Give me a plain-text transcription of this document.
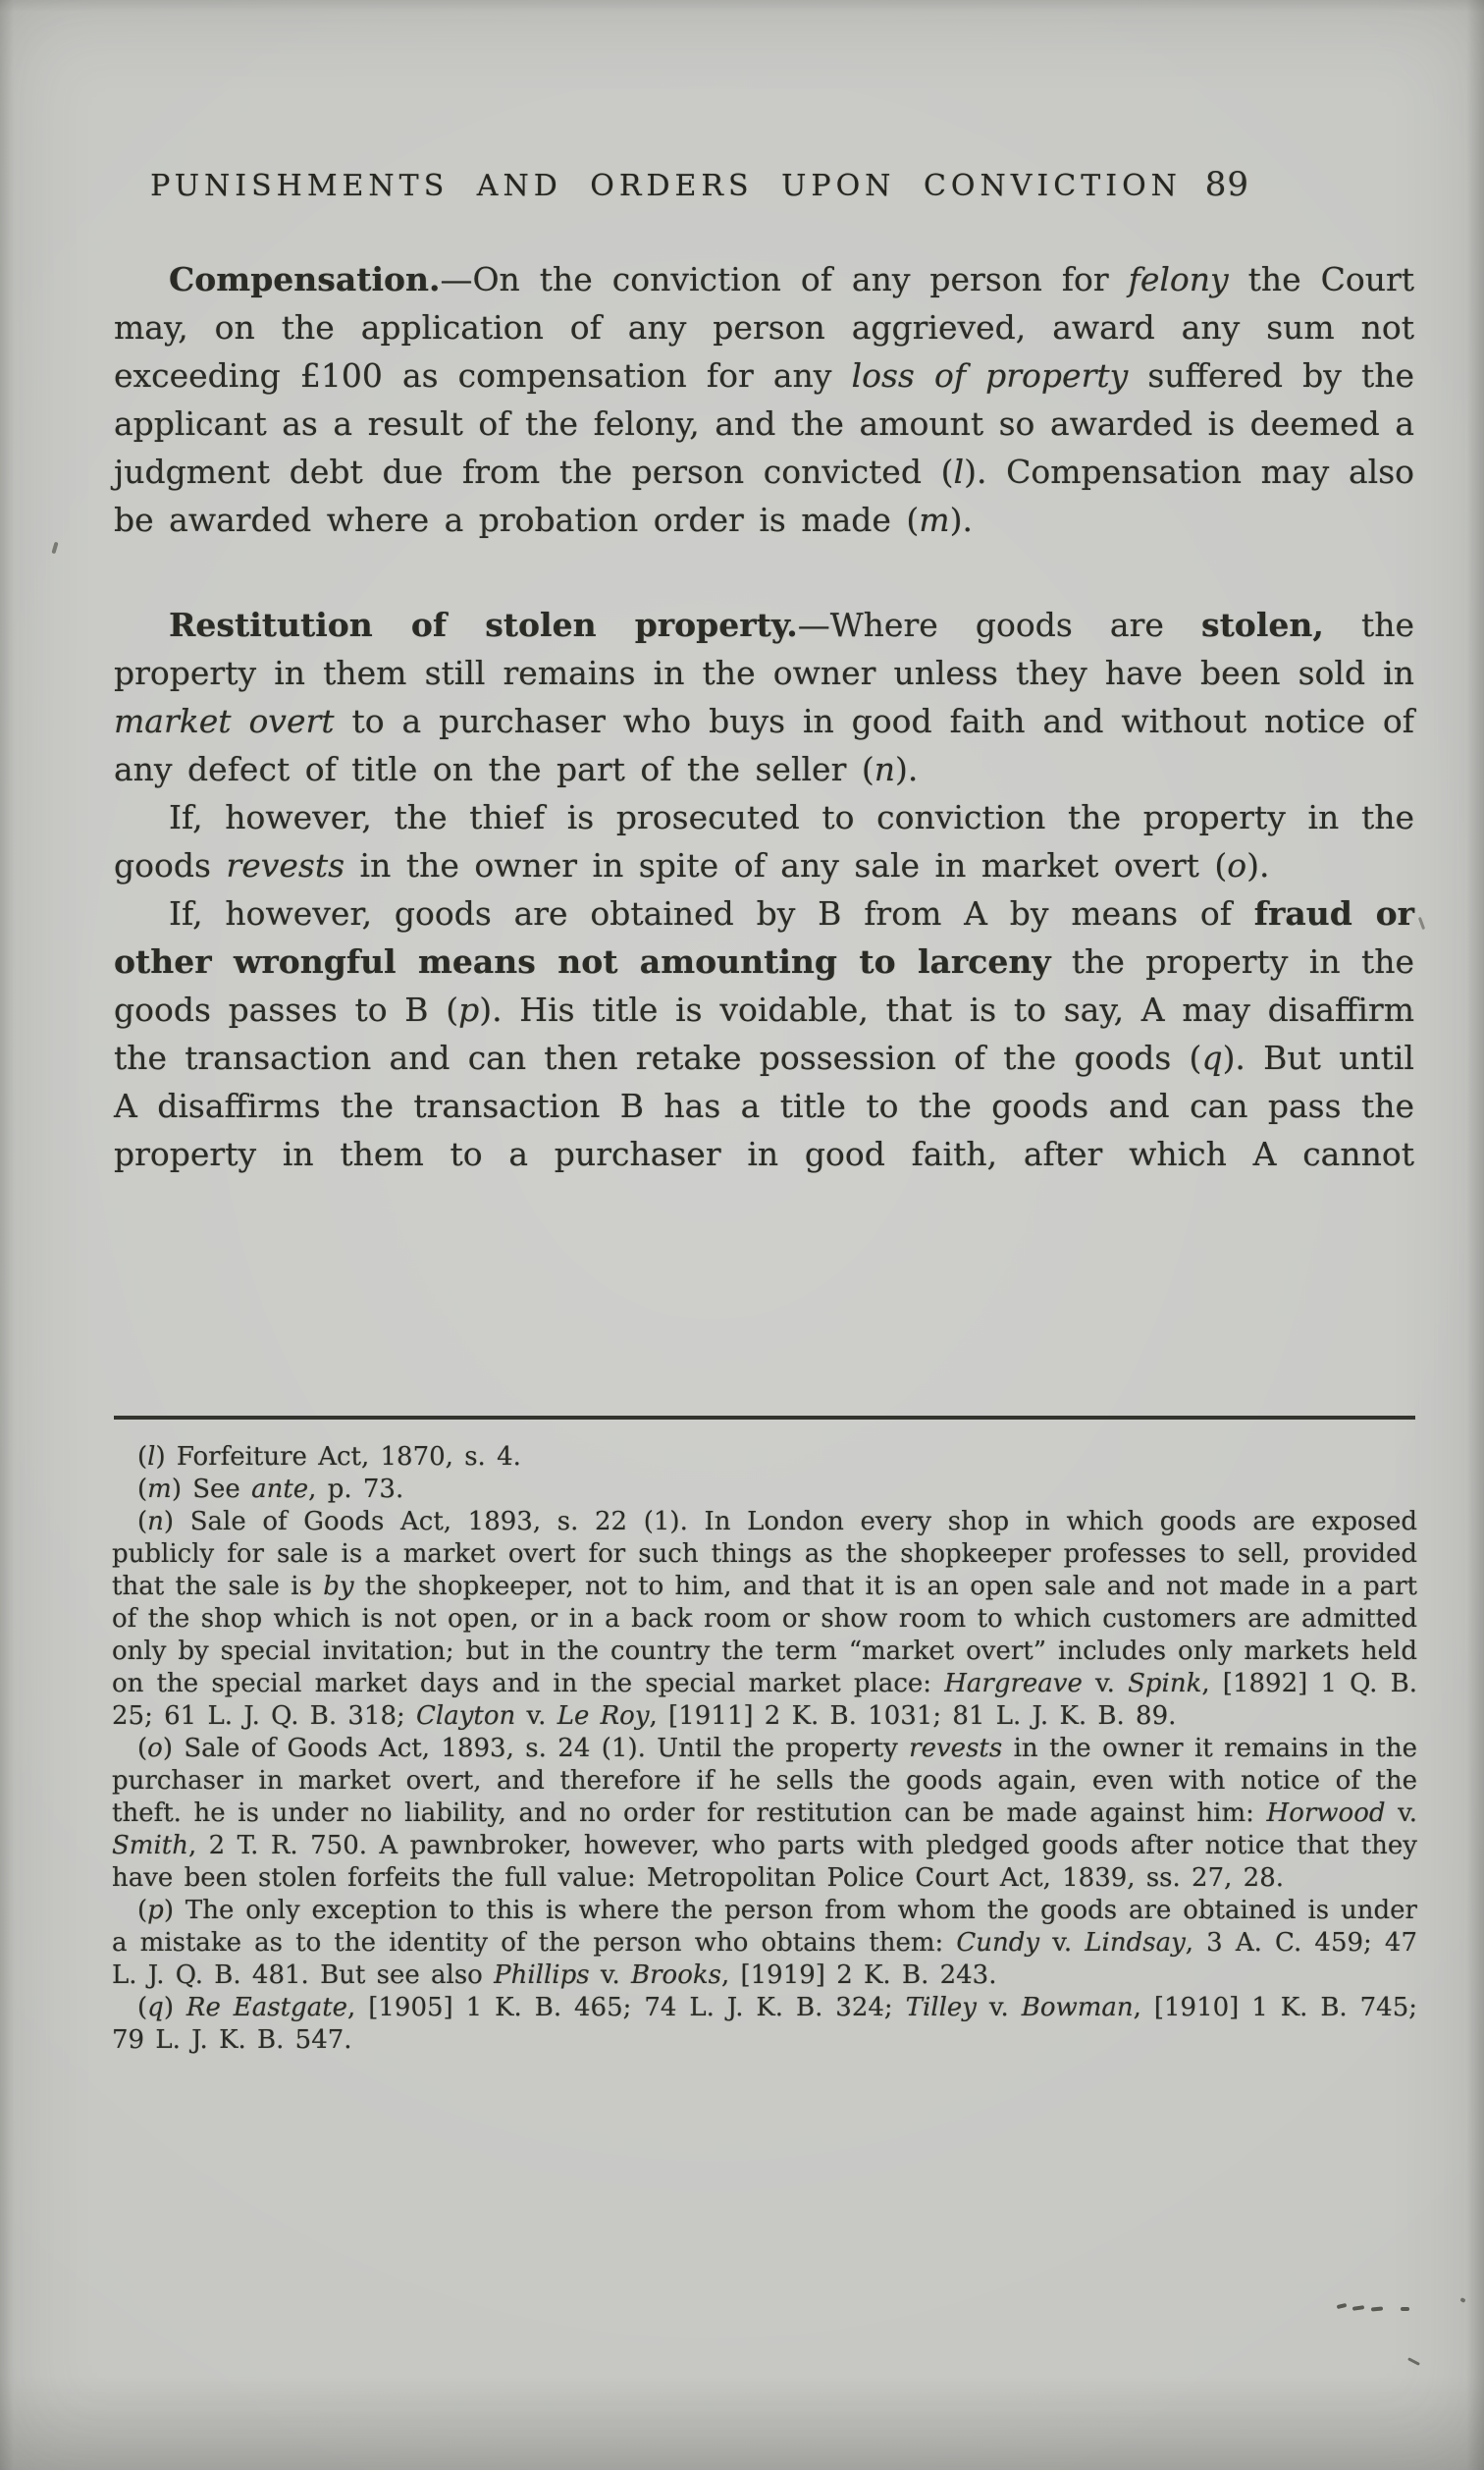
PUNISHMENTS AND ORDERS UPON CONVICTION 89

Compensation.—On the conviction of any person for felony the Court may, on the application of any person aggrieved, award any sum not exceeding £100 as compensation for any loss of property suffered by the applicant as a result of the felony, and the amount so awarded is deemed a judgment debt due from the person convicted (l). Compensation may also be awarded where a probation order is made (m).

Restitution of stolen property.—Where goods are stolen, the property in them still remains in the owner unless they have been sold in market overt to a purchaser who buys in good faith and without notice of any defect of title on the part of the seller (n).

If, however, the thief is prosecuted to conviction the property in the goods revests in the owner in spite of any sale in market overt (o).

If, however, goods are obtained by B from A by means of fraud or other wrongful means not amounting to larceny the property in the goods passes to B (p). His title is voidable, that is to say, A may disaffirm the transaction and can then retake possession of the goods (q). But until A disaffirms the transaction B has a title to the goods and can pass the property in them to a purchaser in good faith, after which A cannot

(l) Forfeiture Act, 1870, s. 4.

(m) See ante, p. 73.

(n) Sale of Goods Act, 1893, s. 22 (1). In London every shop in which goods are exposed publicly for sale is a market overt for such things as the shopkeeper professes to sell, provided that the sale is by the shopkeeper, not to him, and that it is an open sale and not made in a part of the shop which is not open, or in a back room or show room to which customers are admitted only by special invitation; but in the country the term “market overt” includes only markets held on the special market days and in the special market place: Hargreave v. Spink, [1892] 1 Q. B. 25; 61 L. J. Q. B. 318; Clayton v. Le Roy, [1911] 2 K. B. 1031; 81 L. J. K. B. 89.

(o) Sale of Goods Act, 1893, s. 24 (1). Until the property revests in the owner it remains in the purchaser in market overt, and therefore if he sells the goods again, even with notice of the theft. he is under no liability, and no order for restitution can be made against him: Horwood v. Smith, 2 T. R. 750. A pawnbroker, however, who parts with pledged goods after notice that they have been stolen forfeits the full value: Metropolitan Police Court Act, 1839, ss. 27, 28.

(p) The only exception to this is where the person from whom the goods are obtained is under a mistake as to the identity of the person who obtains them: Cundy v. Lindsay, 3 A. C. 459; 47 L. J. Q. B. 481. But see also Phillips v. Brooks, [1919] 2 K. B. 243.

(q) Re Eastgate, [1905] 1 K. B. 465; 74 L. J. K. B. 324; Tilley v. Bowman, [1910] 1 K. B. 745; 79 L. J. K. B. 547.
